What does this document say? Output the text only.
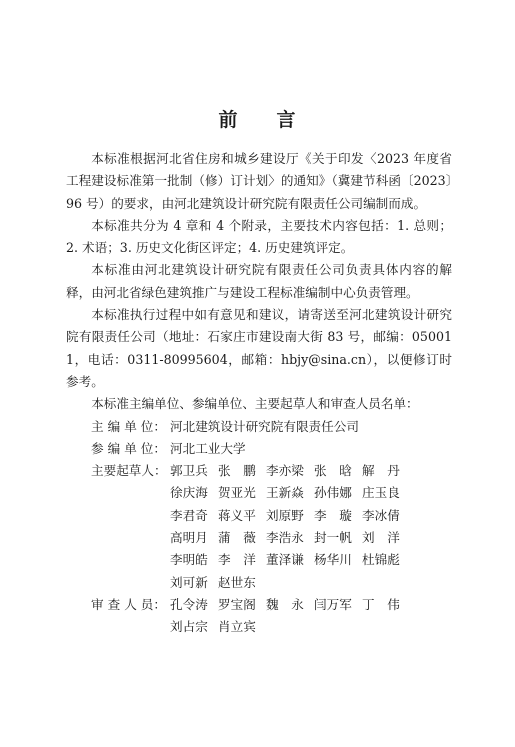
前 言

本标准根据河北省住房和城乡建设厅《关于印发〈2023 年度省工程建设标准第一批制（修）订计划〉的通知》（冀建节科函〔2023〕96 号）的要求，由河北建筑设计研究院有限责任公司编制而成。

本标准共分为 4 章和 4 个附录，主要技术内容包括：1. 总则；2. 术语；3. 历史文化街区评定；4. 历史建筑评定。

本标准由河北建筑设计研究院有限责任公司负责具体内容的解释，由河北省绿色建筑推广与建设工程标准编制中心负责管理。

本标准执行过程中如有意见和建议，请寄送至河北建筑设计研究院有限责任公司（地址：石家庄市建设南大街 83 号，邮编：050011，电话：0311-80995604，邮箱：hbjy@sina.cn），以便修订时参考。

本标准主编单位、参编单位、主要起草人和审查人员名单：

主 编 单 位： 河北建筑设计研究院有限责任公司
参 编 单 位： 河北工业大学
主要起草人： 郭卫兵 张　鹏 李亦梁 张　晗 解　丹
徐庆海 贺亚光 王新焱 孙伟娜 庄玉良
李君奇 蒋义平 刘原野 李　璇 李冰倩
高明月 蒲　薇 李浩永 封一帆 刘　洋
李明皓 李　洋 董泽谦 杨华川 杜锦彪
刘可新 赵世东
审 查 人 员： 孔令涛 罗宝阁 魏　永 闫万军 丁　伟
刘占宗 肖立宾
